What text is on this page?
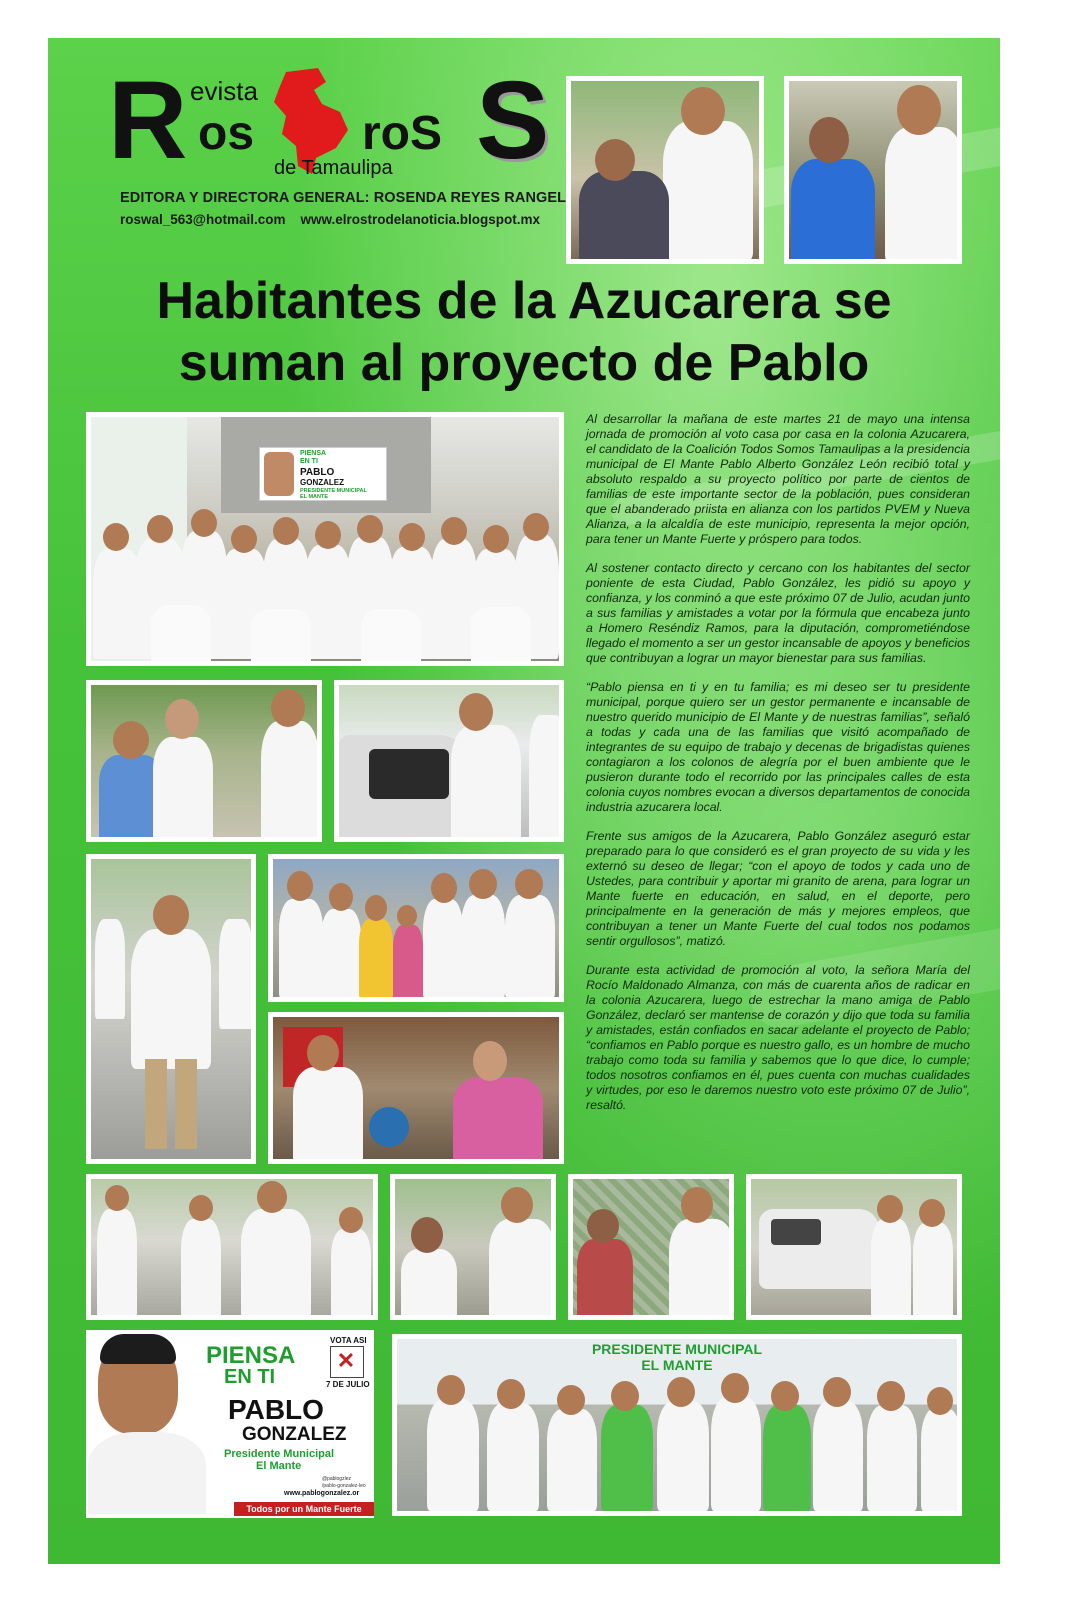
R evista
os roS S
de Tamaulipa
EDITORA Y DIRECTORA GENERAL: ROSENDA REYES RANGEL
roswal_563@hotmail.com www.elrostrodelanoticia.blogspot.mx
Habitantes de la Azucarera se
suman al proyecto de Pablo
PIENSA
EN TI
PABLO
GONZALEZ
PRESIDENTE MUNICIPAL
EL MANTE

Al desarrollar la mañana de este martes 21 de mayo una intensa jornada de promoción al voto casa por casa en la colonia Azucarera, el candidato de la Coalición Todos Somos Tamaulipas a la presidencia municipal de El Mante Pablo Alberto González León recibió total y absoluto respaldo a su proyecto político por parte de cientos de familias de este importante sector de la población, pues consideran que el abanderado priista en alianza con los partidos PVEM y Nueva Alianza, a la alcaldía de este municipio, representa la mejor opción, para tener un Mante Fuerte y próspero para todos.

Al sostener contacto directo y cercano con los habitantes del sector poniente de esta Ciudad, Pablo González, les pidió su apoyo y confianza, y los conminó a que este próximo 07 de Julio, acudan junto a sus familias y amistades a votar por la fórmula que encabeza junto a Homero Reséndiz Ramos, para la diputación, comprometiéndose llegado el momento a ser un gestor incansable de apoyos y beneficios que contribuyan a lograr un mayor bienestar para sus familias.

“Pablo piensa en ti y en tu familia; es mi deseo ser tu presidente municipal, porque quiero ser un gestor permanente e incansable de nuestro querido municipio de El Mante y de nuestras familias”, señaló a todas y cada una de las familias que visitó acompañado de integrantes de su equipo de trabajo y decenas de brigadistas quienes contagiaron a los colonos de alegría por el buen ambiente que le pusieron durante todo el recorrido por las principales calles de esta colonia cuyos nombres evocan a diversos departamentos de conocida industria azucarera local.

Frente sus amigos de la Azucarera, Pablo González aseguró estar preparado para lo que consideró es el gran proyecto de su vida y les externó su deseo de llegar; “con el apoyo de todos y cada uno de Ustedes, para contribuir y aportar mi granito de arena, para lograr un Mante fuerte en educación, en salud, en el deporte, pero principalmente en la generación de más y mejores empleos, que contribuyan a tener un Mante Fuerte del cual todos nos podamos sentir orgullosos”, matizó.

Durante esta actividad de promoción al voto, la señora María del Rocío Maldonado Almanza, con más de cuarenta años de radicar en la colonia Azucarera, luego de estrechar la mano amiga de Pablo González, declaró ser mantense de corazón y dijo que toda su familia y amistades, están confiados en sacar adelante el proyecto de Pablo; “confiamos en Pablo porque es nuestro gallo, es un hombre de mucho trabajo como toda su familia y sabemos que lo que dice, lo cumple; todos nosotros confiamos en él, pues cuenta con muchas cualidades y virtudes, por eso le daremos nuestro voto este próximo 07 de Julio”, resaltó.

PIENSA
EN TI
VOTA ASI
✕
7 DE JULIO
PABLO
GONZALEZ
Presidente Municipal
El Mante
@pablogzlez
/pablo-gonzalez-leo
www.pablogonzalez.or
Todos por un Mante Fuerte
PRESIDENTE MUNICIPAL
EL MANTE
